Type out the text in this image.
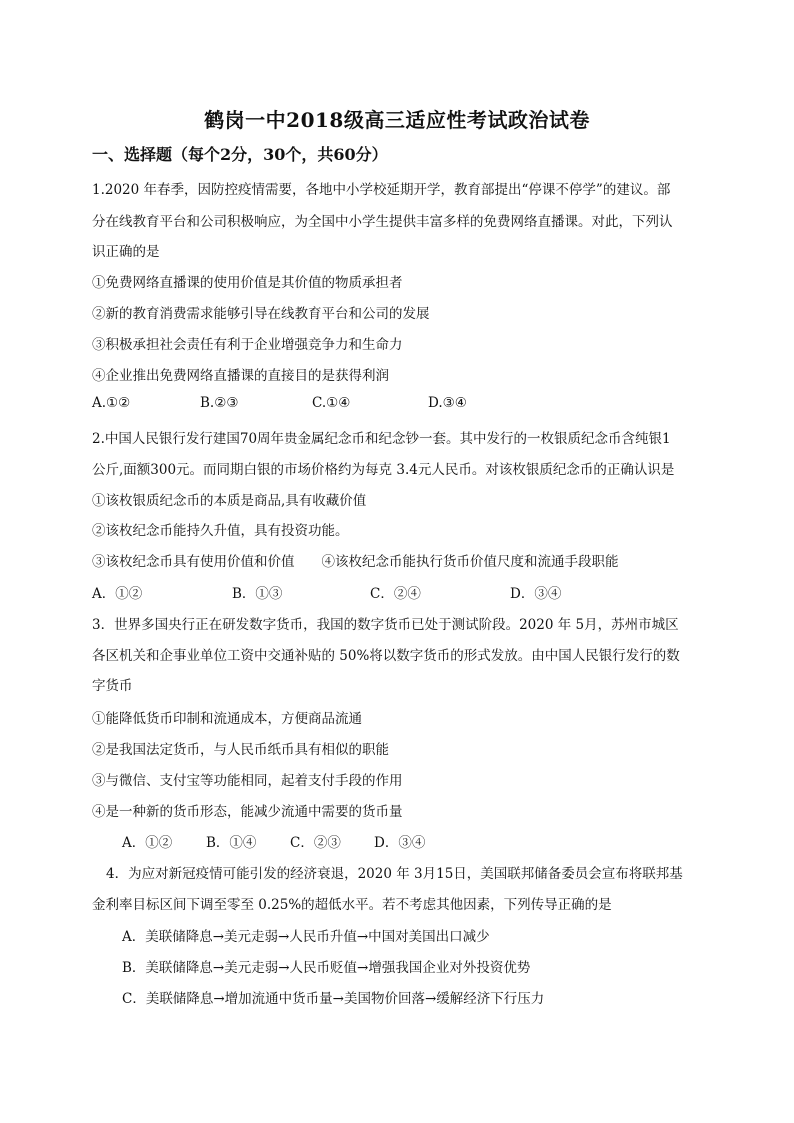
鹤岗一中2018级高三适应性考试政治试卷
一、选择题（每个2分，30个，共60分）
1.2020 年春季，因防控疫情需要，各地中小学校延期开学，教育部提出“停课不停学”的建议。部
分在线教育平台和公司积极响应，为全国中小学生提供丰富多样的免费网络直播课。对此，下列认
识正确的是
①免费网络直播课的使用价值是其价值的物质承担者
②新的教育消费需求能够引导在线教育平台和公司的发展
③积极承担社会责任有利于企业增强竞争力和生命力
④企业推出免费网络直播课的直接目的是获得利润
A.①②	B.②③	C.①④	D.③④
2.中国人民银行发行建国70周年贵金属纪念币和纪念钞一套。其中发行的一枚银质纪念币含纯银1
公斤,面额300元。而同期白银的市场价格约为每克 3.4元人民币。对该枚银质纪念币的正确认识是
①该枚银质纪念币的本质是商品,具有收藏价值
②该枚纪念币能持久升值，具有投资功能。
③该枚纪念币具有使用价值和价值　　④该枚纪念币能执行货币价值尺度和流通手段职能
A．①②	B．①③	C．②④	D．③④
3．世界多国央行正在研发数字货币，我国的数字货币已处于测试阶段。2020 年 5月，苏州市城区
各区机关和企事业单位工资中交通补贴的 50%将以数字货币的形式发放。由中国人民银行发行的数
字货币
①能降低货币印制和流通成本，方便商品流通
②是我国法定货币，与人民币纸币具有相似的职能
③与微信、支付宝等功能相同，起着支付手段的作用
④是一种新的货币形态，能减少流通中需要的货币量
A．①②	B．①④ C．②③ D．③④
4．为应对新冠疫情可能引发的经济衰退，2020 年 3月15日，美国联邦储备委员会宣布将联邦基
金利率目标区间下调至零至 0.25%的超低水平。若不考虑其他因素，下列传导正确的是
A．美联储降息→美元走弱→人民币升值→中国对美国出口减少
B．美联储降息→美元走弱→人民币贬值→增强我国企业对外投资优势
C．美联储降息→增加流通中货币量→美国物价回落→缓解经济下行压力
